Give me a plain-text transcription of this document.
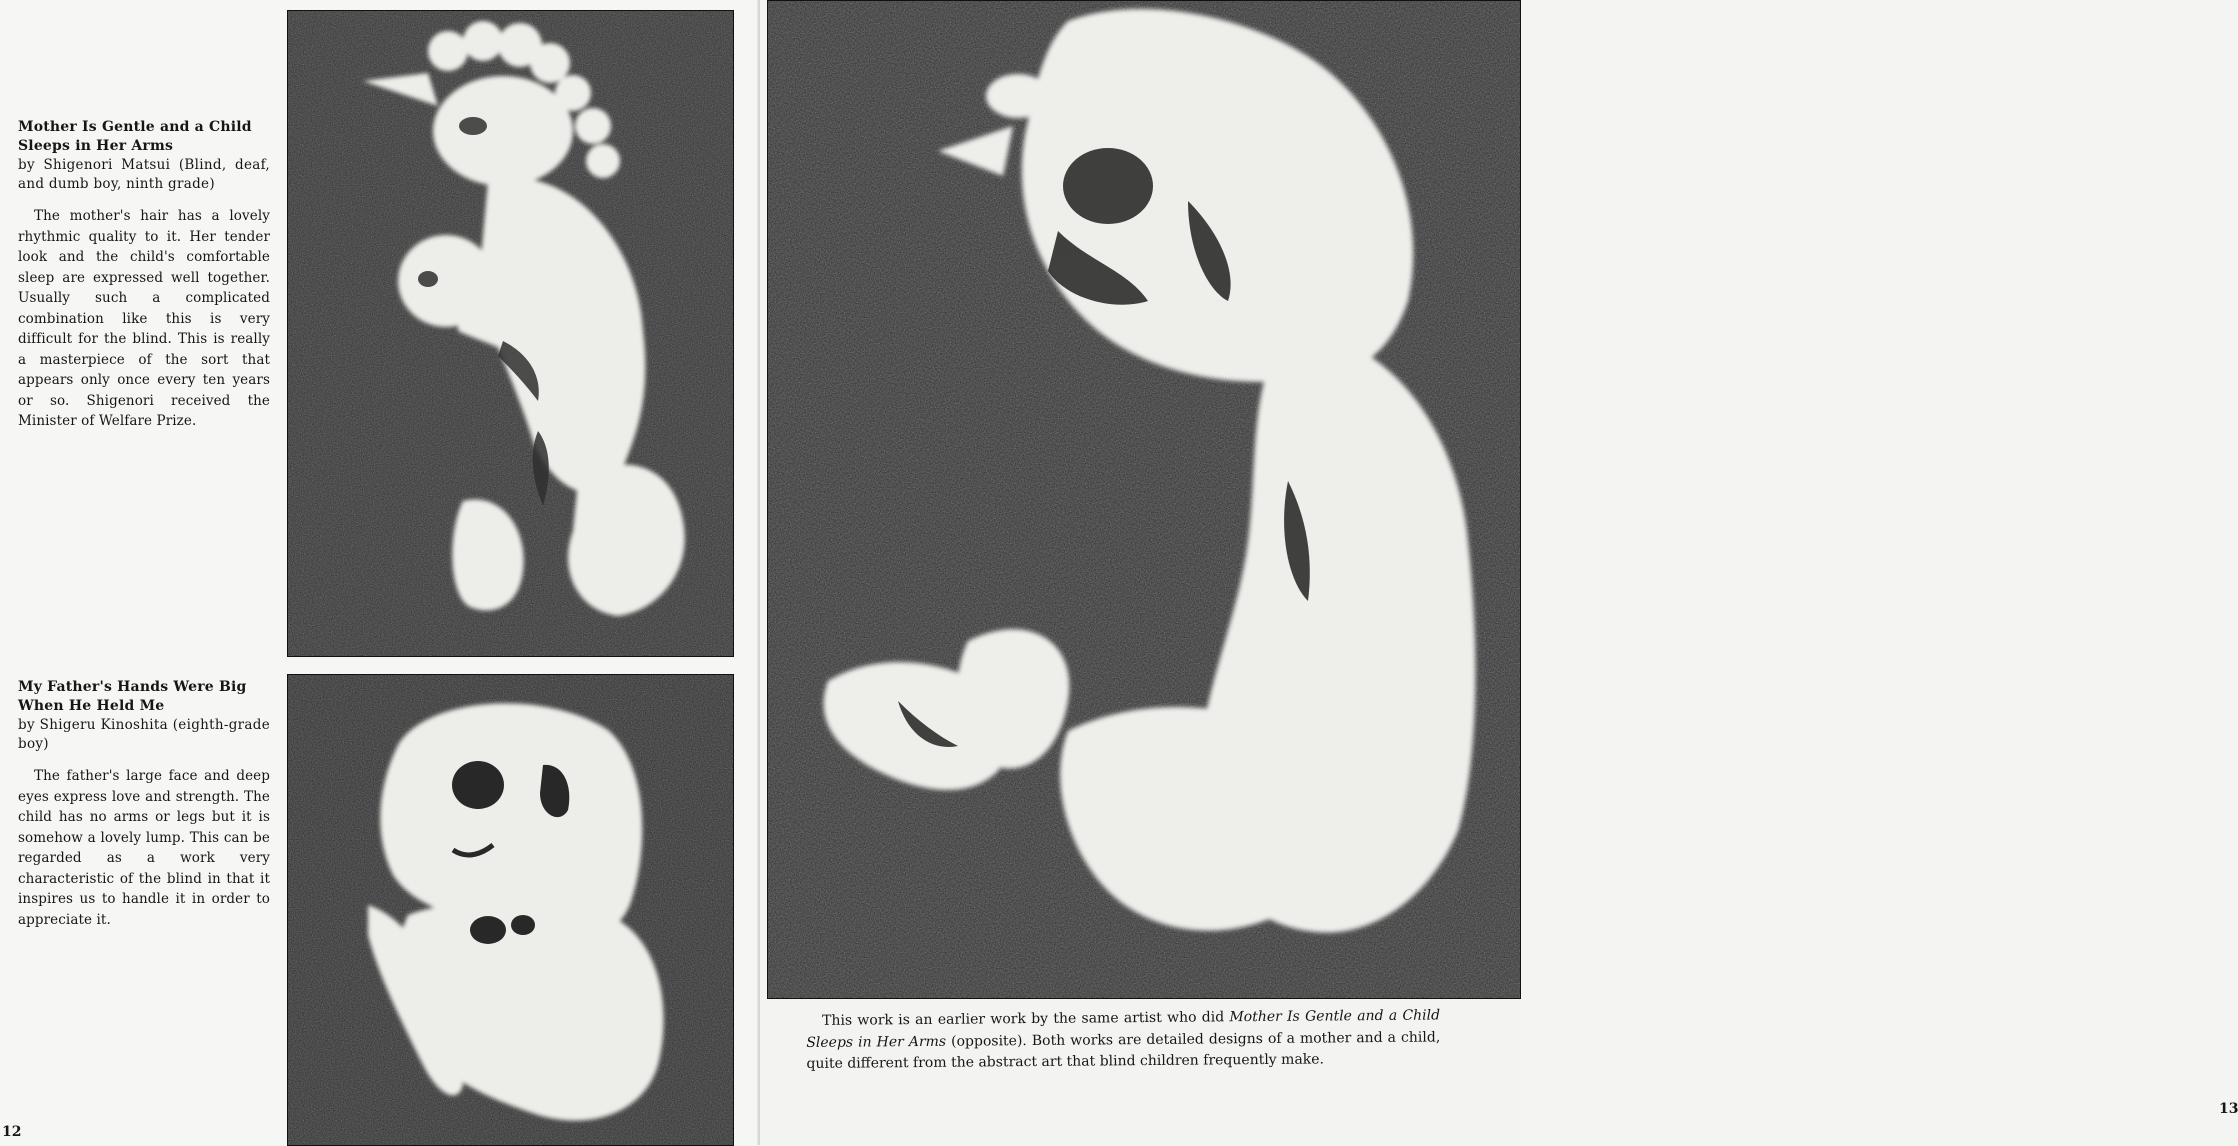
Mother Is Gentle and a Child Sleeps in Her Arms

by Shigenori Matsui (Blind, deaf, and dumb boy, ninth grade)

The mother's hair has a lovely rhythmic quality to it. Her tender look and the child's comfortable sleep are expressed well together. Usually such a complicated combination like this is very difficult for the blind. This is really a masterpiece of the sort that appears only once every ten years or so. Shigenori received the Minister of Welfare Prize.

My Father's Hands Were Big When He Held Me

by Shigeru Kinoshita (eighth-grade boy)

The father's large face and deep eyes express love and strength. The child has no arms or legs but it is somehow a lovely lump. This can be regarded as a work very characteristic of the blind in that it inspires us to handle it in order to appreciate it.

12
13

This work is an earlier work by the same artist who did Mother Is Gentle and a Child Sleeps in Her Arms (opposite). Both works are detailed designs of a mother and a child, quite different from the abstract art that blind children frequently make.
